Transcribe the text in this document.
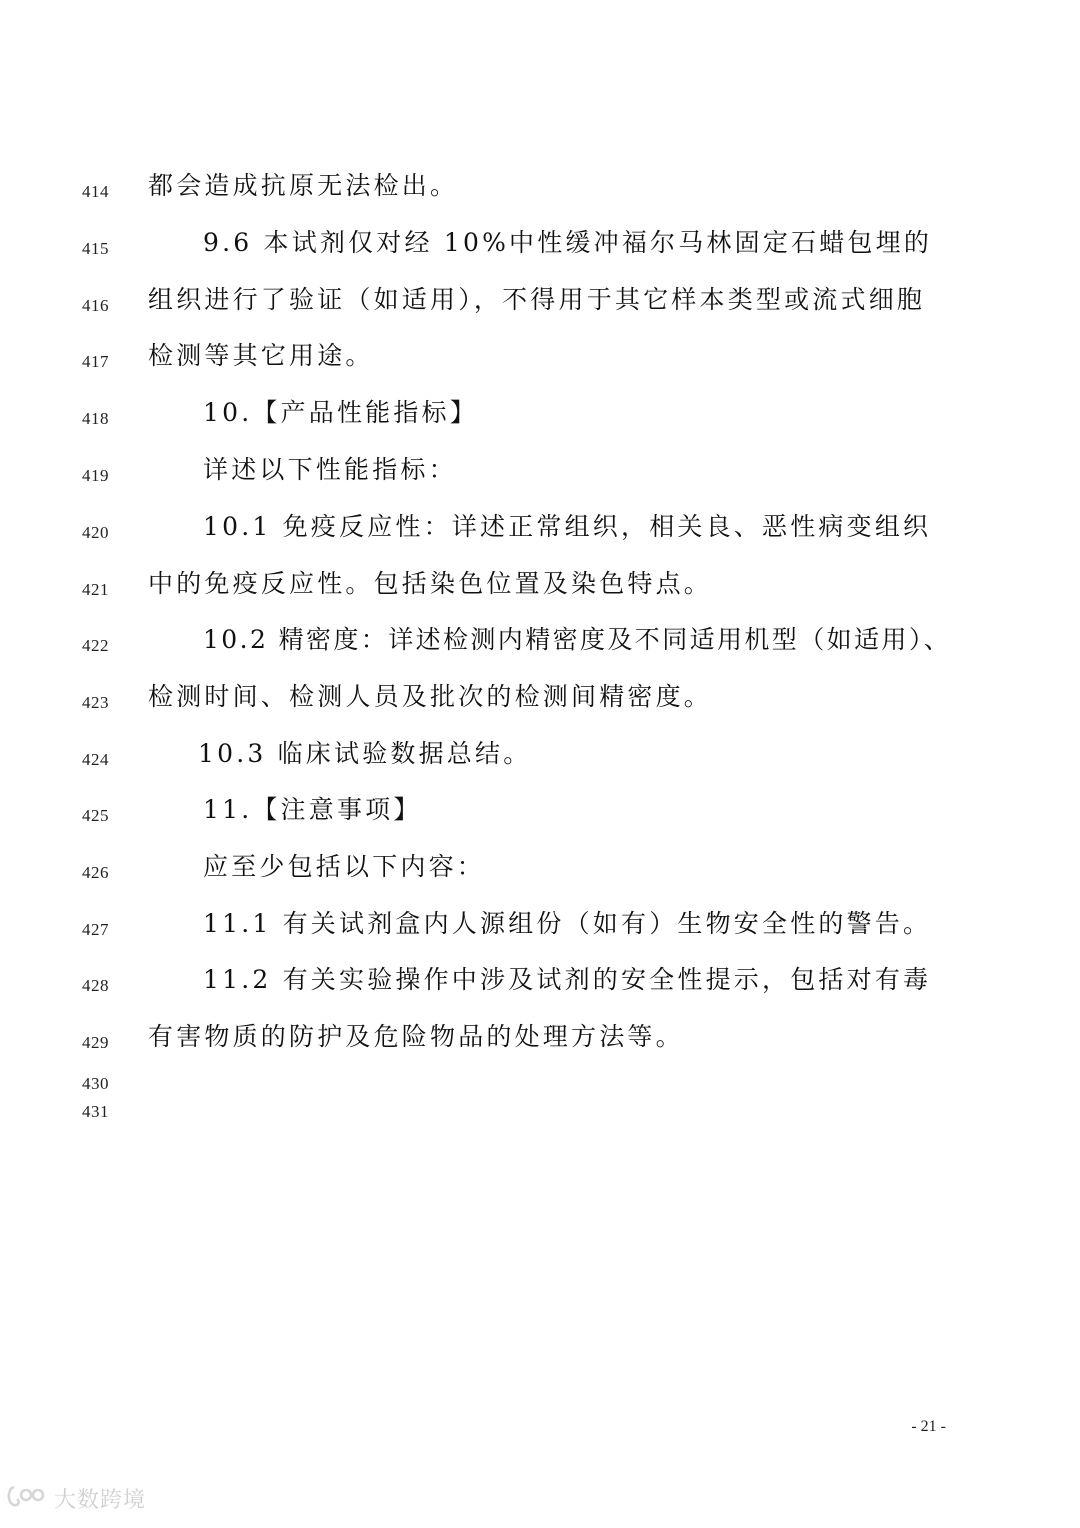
414 都会造成抗原无法检出。
415	9.6 本试剂仅对经 10%中性缓冲福尔马林固定石蜡包埋的
416 组织进行了验证（如适用），不得用于其它样本类型或流式细胞
417 检测等其它用途。
418	10.【产品性能指标】
419	详述以下性能指标：
420	10.1 免疫反应性：详述正常组织，相关良、恶性病变组织
421 中的免疫反应性。包括染色位置及染色特点。
422	10.2 精密度：详述检测内精密度及不同适用机型（如适用）、
423 检测时间、检测人员及批次的检测间精密度。
424	10.3 临床试验数据总结。
425	11.【注意事项】
426	应至少包括以下内容：
427	11.1 有关试剂盒内人源组份（如有）生物安全性的警告。
428	11.2 有关实验操作中涉及试剂的安全性提示，包括对有毒
429 有害物质的防护及危险物品的处理方法等。
430
431
- 21 -
大数跨境
